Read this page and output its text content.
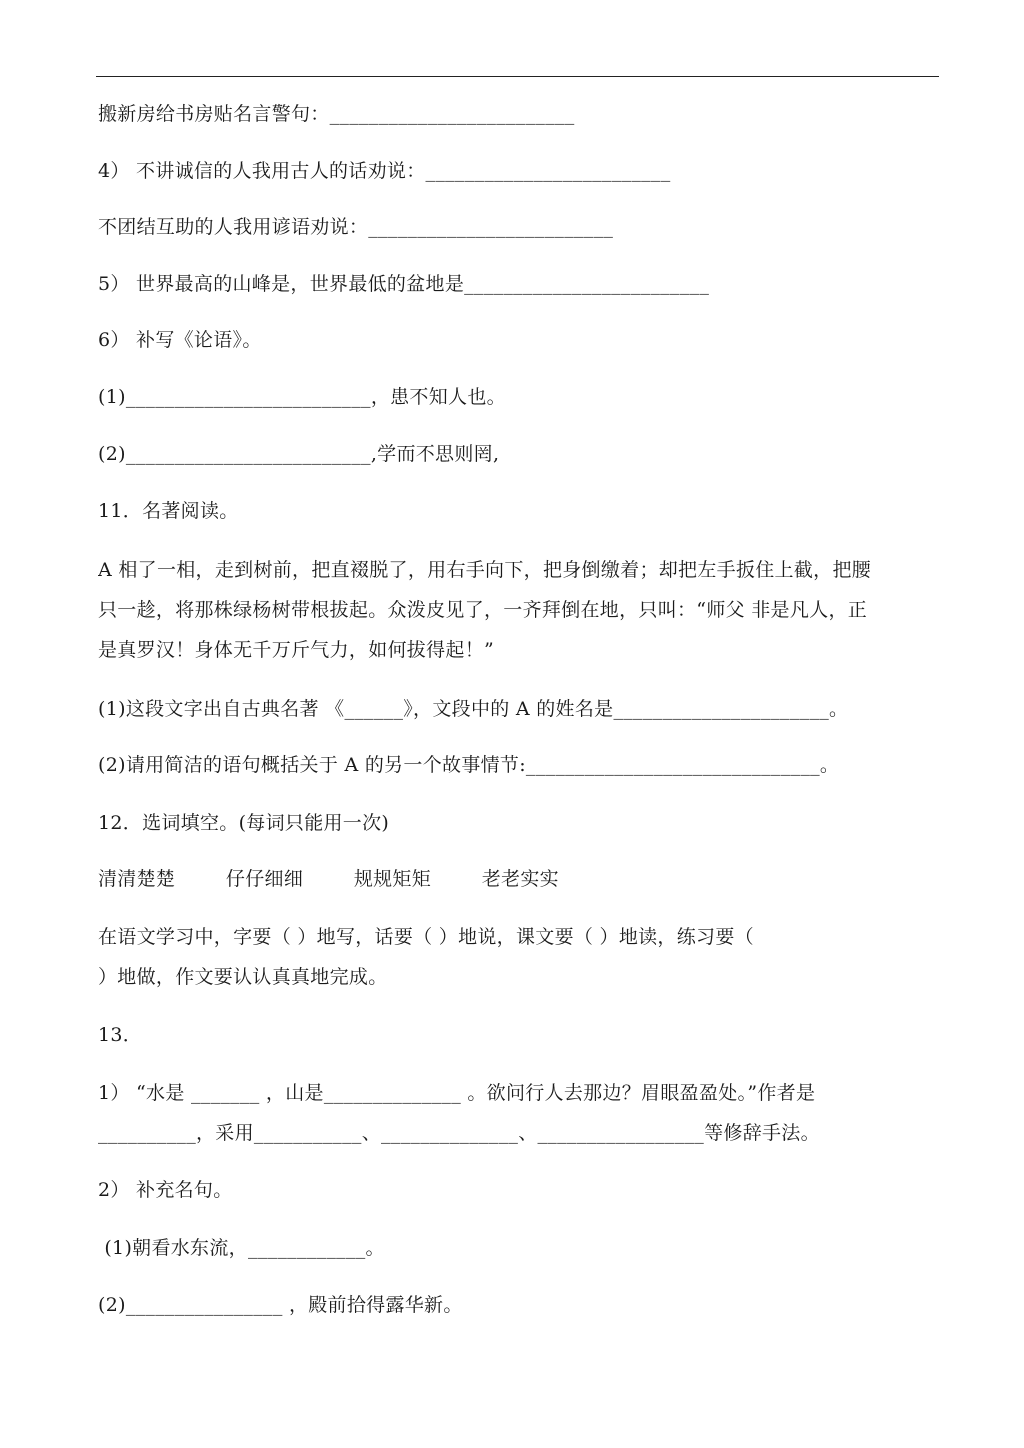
搬新房给书房贴名言警句：_________________________
4） 不讲诚信的人我用古人的话劝说：_________________________
不团结互助的人我用谚语劝说：_________________________
5） 世界最高的山峰是，世界最低的盆地是_________________________
6） 补写《论语》。
(1)_________________________，患不知人也。
(2)_________________________,学而不思则罔,
11．名著阅读。
A 相了一相，走到树前，把直裰脱了，用右手向下，把身倒缴着；却把左手扳住上截，把腰
只一趁，将那株绿杨树带根拔起。众泼皮见了，一齐拜倒在地，只叫：“师父 非是凡人，正
是真罗汉！身体无千万斤气力，如何拔得起！”
(1)这段文字出自古典名著 《______》，文段中的 A 的姓名是______________________。
(2)请用简洁的语句概括关于 A 的另一个故事情节:______________________________。
12．选词填空。(每词只能用一次)
清清楚楚        仔仔细细        规规矩矩        老老实实
在语文学习中，字要（ ）地写，话要（ ）地说，课文要（ ）地读，练习要（
）地做，作文要认认真真地完成。
13．
1） “水是 _______ ，山是______________ 。欲问行人去那边？眉眼盈盈处。”作者是
__________，采用___________、______________、_________________等修辞手法。
2） 补充名句。
(1)朝看水东流，____________。
(2)________________ ，殿前拾得露华新。
